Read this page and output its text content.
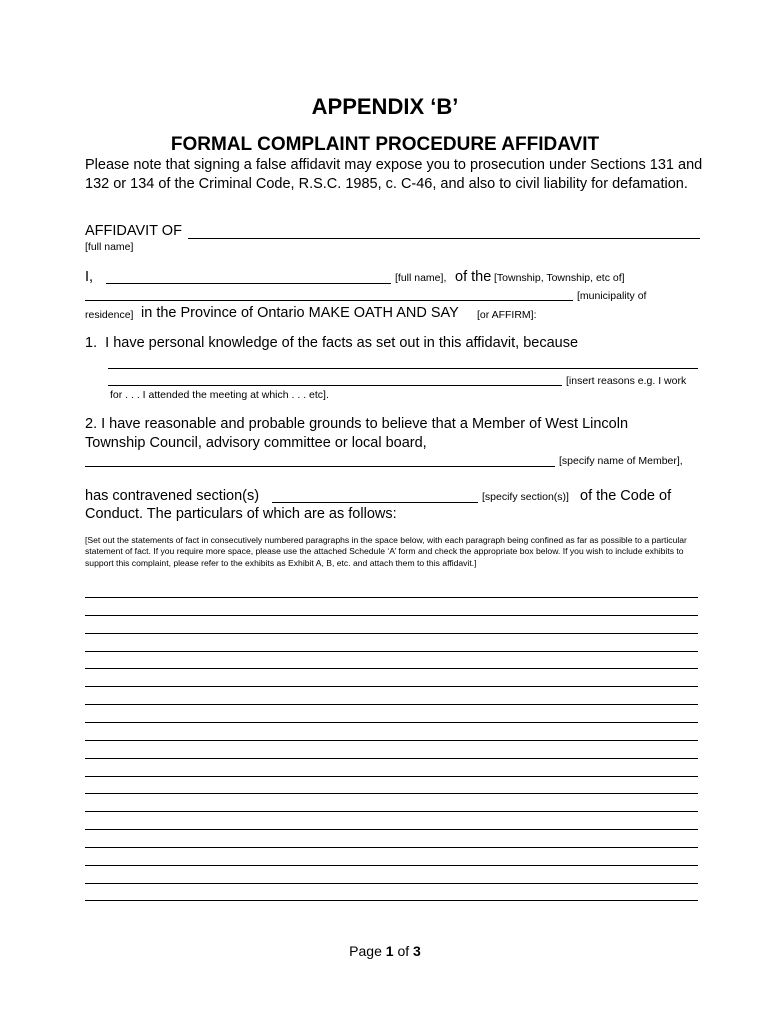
APPENDIX ‘B’
FORMAL COMPLAINT PROCEDURE AFFIDAVIT
Please note that signing a false affidavit may expose you to prosecution under Sections 131 and 132 or 134 of the Criminal Code, R.S.C. 1985, c. C-46, and also to civil liability for defamation.
AFFIDAVIT OF
[full name]
I,	[full name], of the [Township, Township, etc of]
[municipality of
residence] in the Province of Ontario MAKE OATH AND SAY [or AFFIRM]:
1.  I have personal knowledge of the facts as set out in this affidavit, because
[insert reasons e.g. I work
for . . . I attended the meeting at which . . . etc].
2. I have reasonable and probable grounds to believe that a Member of West Lincoln Township Council, advisory committee or local board,
[specify name of Member],
has contravened section(s)	[specify section(s)] of the Code of
Conduct. The particulars of which are as follows:
[Set out the statements of fact in consecutively numbered paragraphs in the space below, with each paragraph being confined as far as possible to a particular statement of fact. If you require more space, please use the attached Schedule ‘A’ form and check the appropriate box below. If you wish to include exhibits to support this complaint, please refer to the exhibits as Exhibit A, B, etc. and attach them to this affidavit.]
Page 1 of 3
